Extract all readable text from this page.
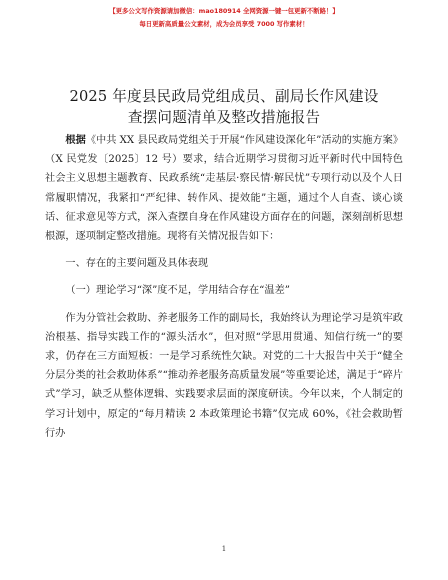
【更多公文写作资源请加微信：mao180914 全网资源一键一包更新不断路！】
每日更新高质量公文素材，成为会员享受 7000 写作素材！
2025 年度县民政局党组成员、副局长作风建设
查摆问题清单及整改措施报告

根据《中共 XX 县民政局党组关于开展“作风建设深化年”活动的实施方案》（X 民党发〔2025〕12 号）要求，结合近期学习贯彻习近平新时代中国特色社会主义思想主题教育、民政系统“走基层·察民情·解民忧”专项行动以及个人日常履职情况，我紧扣“严纪律、转作风、提效能”主题，通过个人自查、谈心谈话、征求意见等方式，深入查摆自身在作风建设方面存在的问题，深刻剖析思想根源，逐项制定整改措施。现将有关情况报告如下：

一、存在的主要问题及具体表现

（一）理论学习“深”度不足，学用结合存在“温差”

作为分管社会救助、养老服务工作的副局长，我始终认为理论学习是筑牢政治根基、指导实践工作的“源头活水”，但对照“学思用贯通、知信行统一”的要求，仍存在三方面短板：一是学习系统性欠缺。对党的二十大报告中关于“健全分层分类的社会救助体系”“推动养老服务高质量发展”等重要论述，满足于“碎片式”学习，缺乏从整体逻辑、实践要求层面的深度研读。今年以来，个人制定的学习计划中，原定的“每月精读 2 本政策理论书籍”仅完成 60%，《社会救助暂行办

1
